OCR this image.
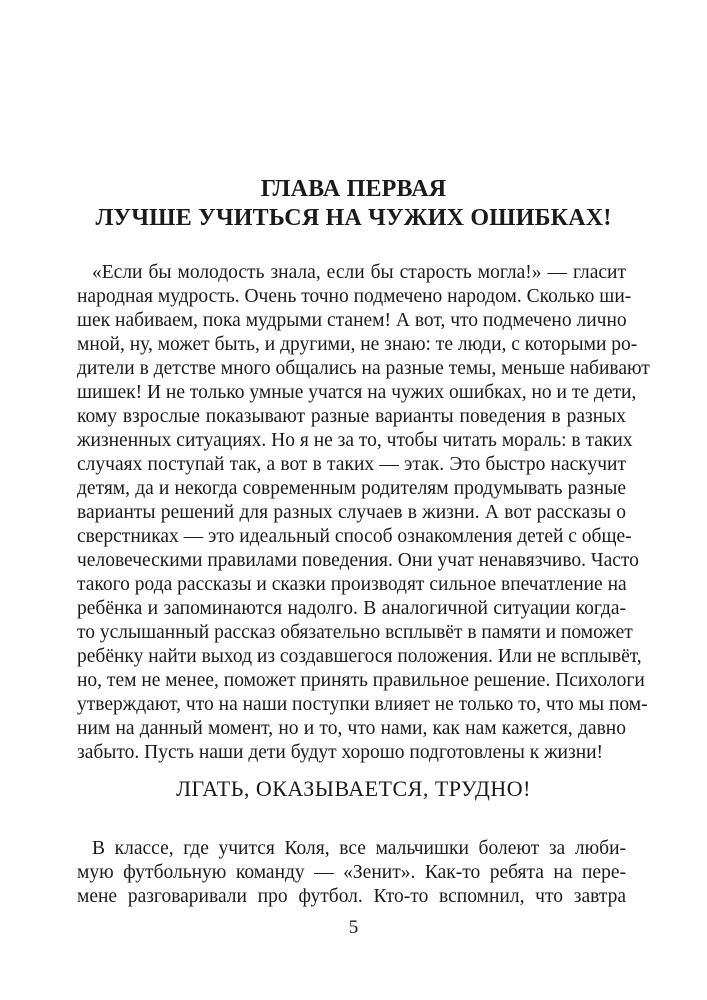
ГЛАВА ПЕРВАЯ
ЛУЧШЕ УЧИТЬСЯ НА ЧУЖИХ ОШИБКАХ!
«Если бы молодость знала, если бы старость могла!» — гласит
народная мудрость. Очень точно подмечено народом. Сколько ши-
шек набиваем, пока мудрыми станем! А вот, что подмечено лично
мной, ну, может быть, и другими, не знаю: те люди, с которыми ро-
дители в детстве много общались на разные темы, меньше набивают
шишек! И не только умные учатся на чужих ошибках, но и те дети,
кому взрослые показывают разные варианты поведения в разных
жизненных ситуациях. Но я не за то, чтобы читать мораль: в таких
случаях поступай так, а вот в таких — этак. Это быстро наскучит
детям, да и некогда современным родителям продумывать разные
варианты решений для разных случаев в жизни. А вот рассказы о
сверстниках — это идеальный способ ознакомления детей с обще-
человеческими правилами поведения. Они учат ненавязчиво. Часто
такого рода рассказы и сказки производят сильное впечатление на
ребёнка и запоминаются надолго. В аналогичной ситуации когда-
то услышанный рассказ обязательно всплывёт в памяти и поможет
ребёнку найти выход из создавшегося положения. Или не всплывёт,
но, тем не менее, поможет принять правильное решение. Психологи
утверждают, что на наши поступки влияет не только то, что мы пом-
ним на данный момент, но и то, что нами, как нам кажется, давно
забыто. Пусть наши дети будут хорошо подготовлены к жизни!
ЛГАТЬ, ОКАЗЫВАЕТСЯ, ТРУДНО!
В классе, где учится Коля, все мальчишки болеют за люби-
мую футбольную команду — «Зенит». Как-то ребята на пере-
мене разговаривали про футбол. Кто-то вспомнил, что завтра
5
